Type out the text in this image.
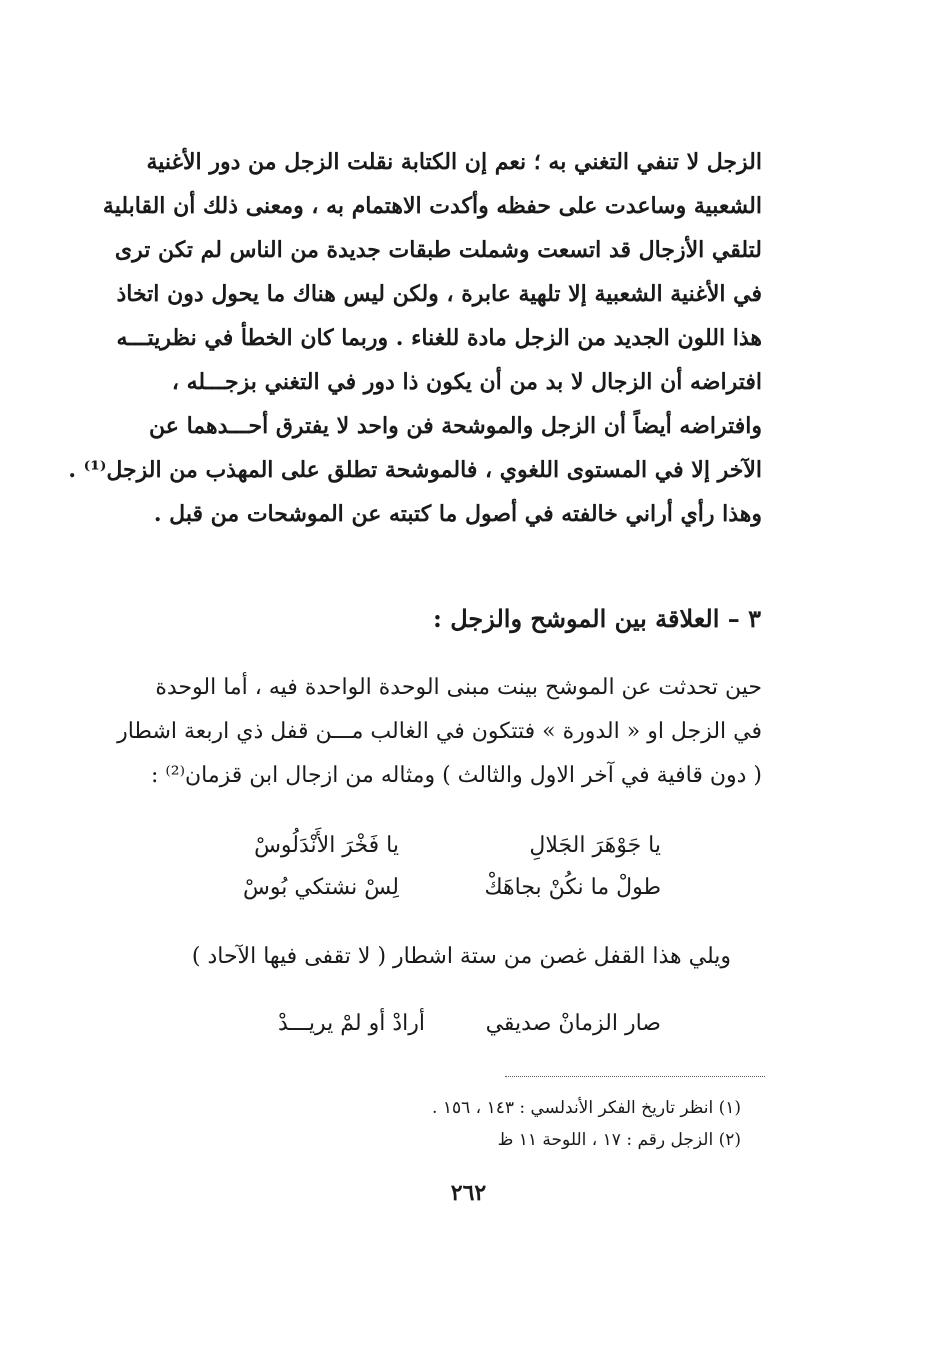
الزجل لا تنفي التغني به ؛ نعم إن الكتابة نقلت الزجل من دور الأغنية
الشعبية وساعدت على حفظه وأكدت الاهتمام به ، ومعنى ذلك أن القابلية
لتلقي الأزجال قد اتسعت وشملت طبقات جديدة من الناس لم تكن ترى
في الأغنية الشعبية إلا تلهية عابرة ، ولكن ليس هناك ما يحول دون اتخاذ
هذا اللون الجديد من الزجل مادة للغناء . وربما كان الخطأ في نظريتـــه
افتراضه أن الزجال لا بد من أن يكون ذا دور في التغني بزجـــله ،
وافتراضه أيضاً أن الزجل والموشحة فن واحد لا يفترق أحـــدهما عن
الآخر إلا في المستوى اللغوي ، فالموشحة تطلق على المهذب من الزجل⁽¹⁾ .
وهذا رأي أراني خالفته في أصول ما كتبته عن الموشحات من قبل .
٣ – العلاقة بين الموشح والزجل :
حين تحدثت عن الموشح بينت مبنى الوحدة الواحدة فيه ، أما الوحدة
في الزجل او « الدورة » فتتكون في الغالب مـــن قفل ذي اربعة اشطار
( دون قافية في آخر الاول والثالث ) ومثاله من ازجال ابن قزمان⁽²⁾ :
يا جَوْهَرَ الجَلالِ
يا فَخْرَ الأَنْدَلُوسْ
طولْ ما نكُنْ بجاهَكْ
لِسْ نشتكي بُوسْ
ويلي هذا القفل غصن من ستة اشطار ( لا تقفى فيها الآحاد )
صار الزمانْ صديقي
أرادْ أو لمْ يريـــدْ
(١) انظر تاريخ الفكر الأندلسي : ١٤٣ ، ١٥٦ .
(٢) الزجل رقم : ١٧ ، اللوحة ١١ ظ
٢٦٢
